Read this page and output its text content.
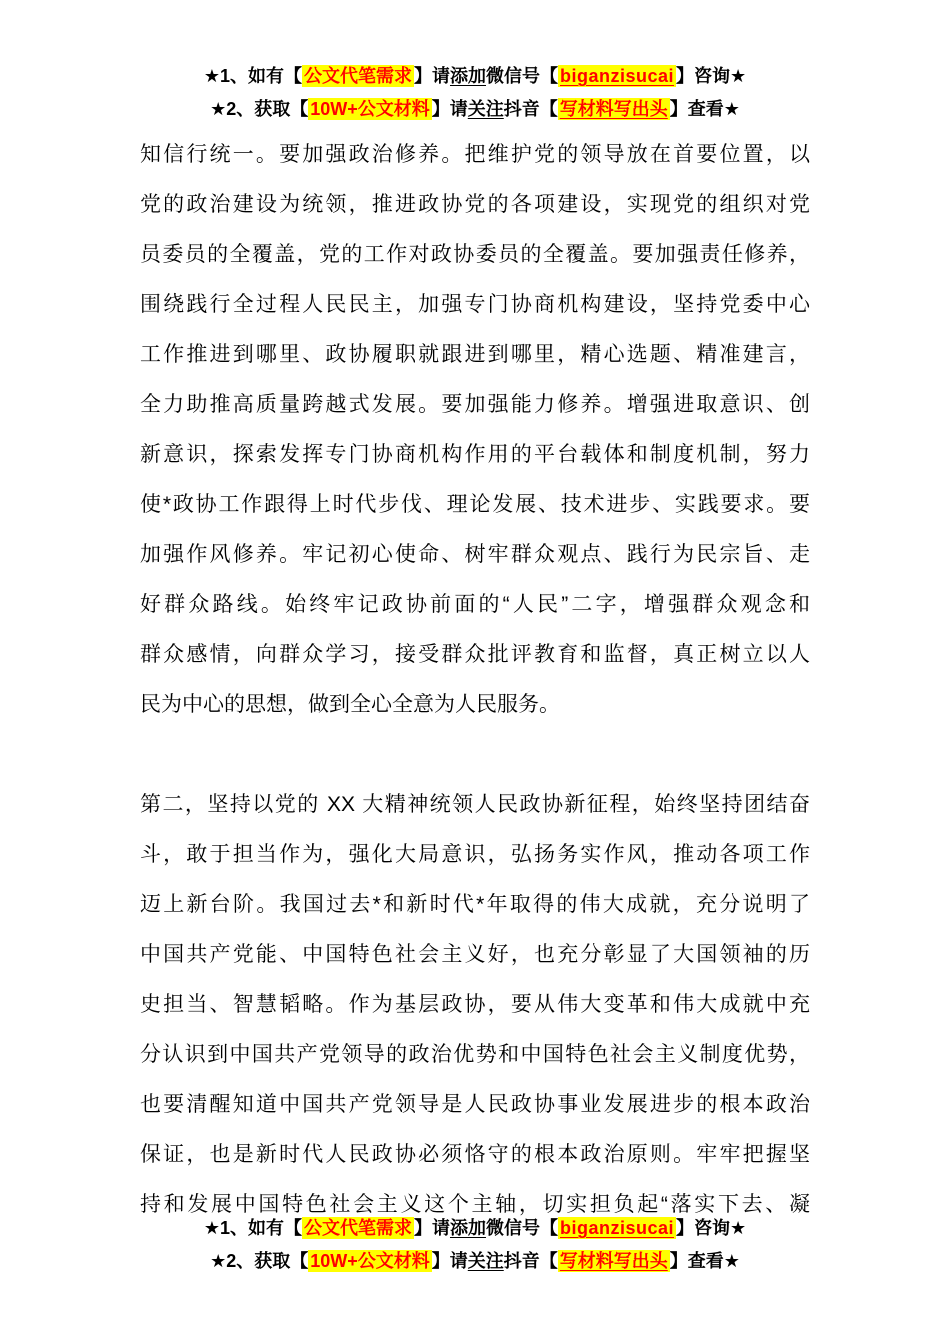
★1、如有【 公文代笔需求 】请添加微信号【 biganzisucai 】咨询★
★2、获取【 10W+公文材料 】请关注抖音【 写材料写出头 】查看★
知信行统一。要加强政治修养。把维护党的领导放在首要位置，以
党的政治建设为统领，推进政协党的各项建设，实现党的组织对党
员委员的全覆盖，党的工作对政协委员的全覆盖。要加强责任修养，
围绕践行全过程人民民主，加强专门协商机构建设，坚持党委中心
工作推进到哪里、政协履职就跟进到哪里，精心选题、精准建言，
全力助推高质量跨越式发展。要加强能力修养。增强进取意识、创
新意识，探索发挥专门协商机构作用的平台载体和制度机制，努力
使*政协工作跟得上时代步伐、理论发展、技术进步、实践要求。要
加强作风修养。牢记初心使命、树牢群众观点、践行为民宗旨、走
好群众路线。始终牢记政协前面的“人民”二字，增强群众观念和
群众感情，向群众学习，接受群众批评教育和监督，真正树立以人
民为中心的思想，做到全心全意为人民服务。
第二，坚持以党的 XX 大精神统领人民政协新征程，始终坚持团结奋
斗，敢于担当作为，强化大局意识，弘扬务实作风，推动各项工作
迈上新台阶。我国过去*和新时代*年取得的伟大成就，充分说明了
中国共产党能、中国特色社会主义好，也充分彰显了大国领袖的历
史担当、智慧韬略。作为基层政协，要从伟大变革和伟大成就中充
分认识到中国共产党领导的政治优势和中国特色社会主义制度优势，
也要清醒知道中国共产党领导是人民政协事业发展进步的根本政治
保证，也是新时代人民政协必须恪守的根本政治原则。牢牢把握坚
持和发展中国特色社会主义这个主轴，切实担负起“落实下去、凝
★1、如有【 公文代笔需求 】请添加微信号【 biganzisucai 】咨询★
★2、获取【 10W+公文材料 】请关注抖音【 写材料写出头 】查看★
